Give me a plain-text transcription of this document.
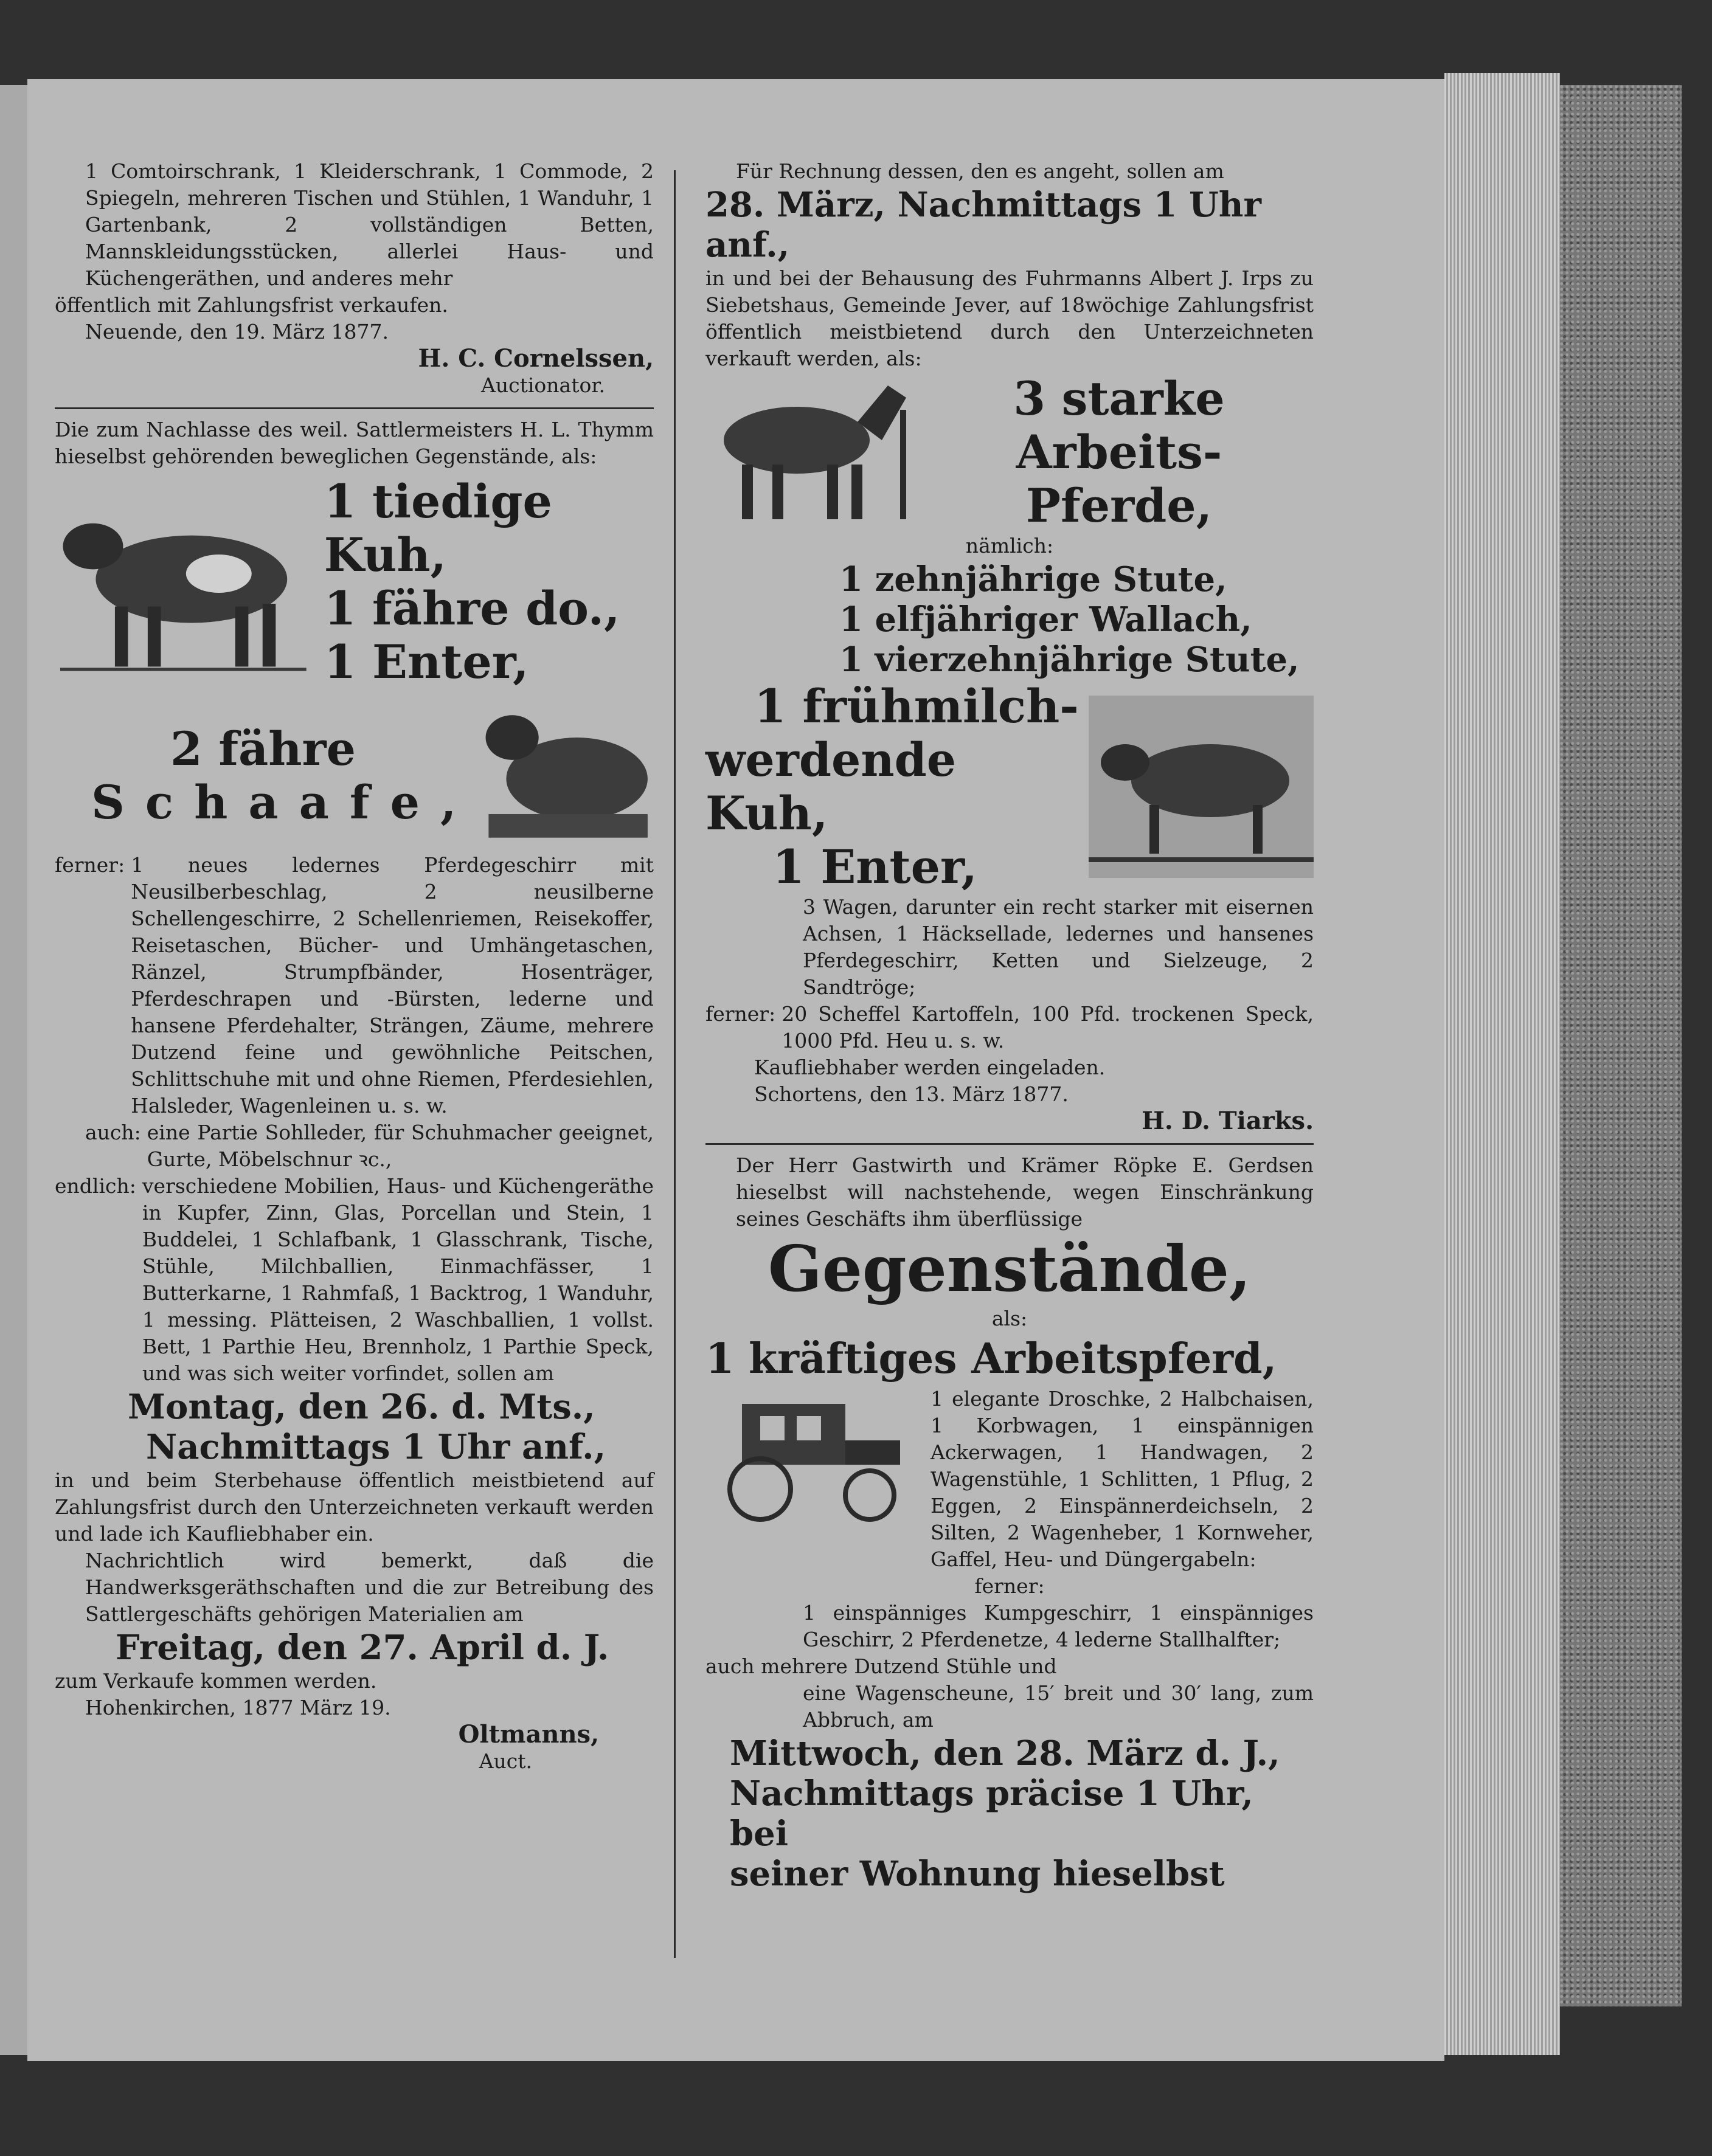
1 Comtoirschrank, 1 Kleiderschrank, 1 Commode, 2 Spiegeln, mehreren Tischen und Stühlen, 1 Wanduhr, 1 Gartenbank, 2 vollständigen Betten, Mannskleidungsstücken, allerlei Haus- und Küchengeräthen, und anderes mehr

öffentlich mit Zahlungsfrist verkaufen.

Neuende, den 19. März 1877.

H. C. Cornelssen,

Auctionator.

Die zum Nachlasse des weil. Sattlermeisters H. L. Thymm hieselbst gehörenden beweglichen Gegenstände, als:

1 tiedige Kuh,

1 fähre do.,

1 Enter,

2 fähre

Schaafe,

ferner: 1 neues ledernes Pferdegeschirr mit Neusilberbeschlag, 2 neusilberne Schellengeschirre, 2 Schellenriemen, Reisekoffer, Reisetaschen, Bücher- und Umhängetaschen, Ränzel, Strumpfbänder, Hosenträger, Pferdeschrapen und -Bürsten, lederne und hansene Pferdehalter, Strängen, Zäume, mehrere Dutzend feine und gewöhnliche Peitschen, Schlittschuhe mit und ohne Riemen, Pferdesiehlen, Halsleder, Wagenleinen u. s. w.

auch: eine Partie Sohlleder, für Schuhmacher geeignet, Gurte, Möbelschnur ꝛc.,

endlich: verschiedene Mobilien, Haus- und Küchengeräthe in Kupfer, Zinn, Glas, Porcellan und Stein, 1 Buddelei, 1 Schlafbank, 1 Glasschrank, Tische, Stühle, Milchballien, Einmachfässer, 1 Butterkarne, 1 Rahmfaß, 1 Backtrog, 1 Wanduhr, 1 messing. Plätteisen, 2 Waschballien, 1 vollst. Bett, 1 Parthie Heu, Brennholz, 1 Parthie Speck, und was sich weiter vorfindet, sollen am

Montag, den 26. d. Mts.,

Nachmittags 1 Uhr anf.,

in und beim Sterbehause öffentlich meistbietend auf Zahlungsfrist durch den Unterzeichneten verkauft werden und lade ich Kaufliebhaber ein.

Nachrichtlich wird bemerkt, daß die Handwerksgeräthschaften und die zur Betreibung des Sattlergeschäfts gehörigen Materialien am

Freitag, den 27. April d. J.

zum Verkaufe kommen werden.

Hohenkirchen, 1877 März 19.

Oltmanns,

Auct.

Für Rechnung dessen, den es angeht, sollen am

28. März, Nachmittags 1 Uhr anf.,

in und bei der Behausung des Fuhrmanns Albert J. Irps zu Siebetshaus, Gemeinde Jever, auf 18wöchige Zahlungsfrist öffentlich meistbietend durch den Unterzeichneten verkauft werden, als:

3 starke

Arbeits-Pferde,

nämlich:

1 zehnjährige Stute,

1 elfjähriger Wallach,

1 vierzehnjährige Stute,

1 frühmilch-

werdende Kuh,

1 Enter,

3 Wagen, darunter ein recht starker mit eisernen Achsen, 1 Häcksellade, ledernes und hansenes Pferdegeschirr, Ketten und Sielzeuge, 2 Sandtröge;

ferner: 20 Scheffel Kartoffeln, 100 Pfd. trockenen Speck, 1000 Pfd. Heu u. s. w.

Kaufliebhaber werden eingeladen.

Schortens, den 13. März 1877.

H. D. Tiarks.

Der Herr Gastwirth und Krämer Röpke E. Gerdsen hieselbst will nachstehende, wegen Einschränkung seines Geschäfts ihm überflüssige

Gegenstände,

als:

1 kräftiges Arbeitspferd,

1 elegante Droschke, 2 Halbchaisen, 1 Korbwagen, 1 einspännigen Ackerwagen, 1 Handwagen, 2 Wagenstühle, 1 Schlitten, 1 Pflug, 2 Eggen, 2 Einspännerdeichseln, 2 Silten, 2 Wagenheber, 1 Kornweher, Gaffel, Heu- und Düngergabeln:

ferner:

1 einspänniges Kumpgeschirr, 1 einspänniges Geschirr, 2 Pferdenetze, 4 lederne Stallhalfter;

auch mehrere Dutzend Stühle und

eine Wagenscheune, 15′ breit und 30′ lang, zum Abbruch, am

Mittwoch, den 28. März d. J.,

Nachmittags präcise 1 Uhr, bei

seiner Wohnung hieselbst
